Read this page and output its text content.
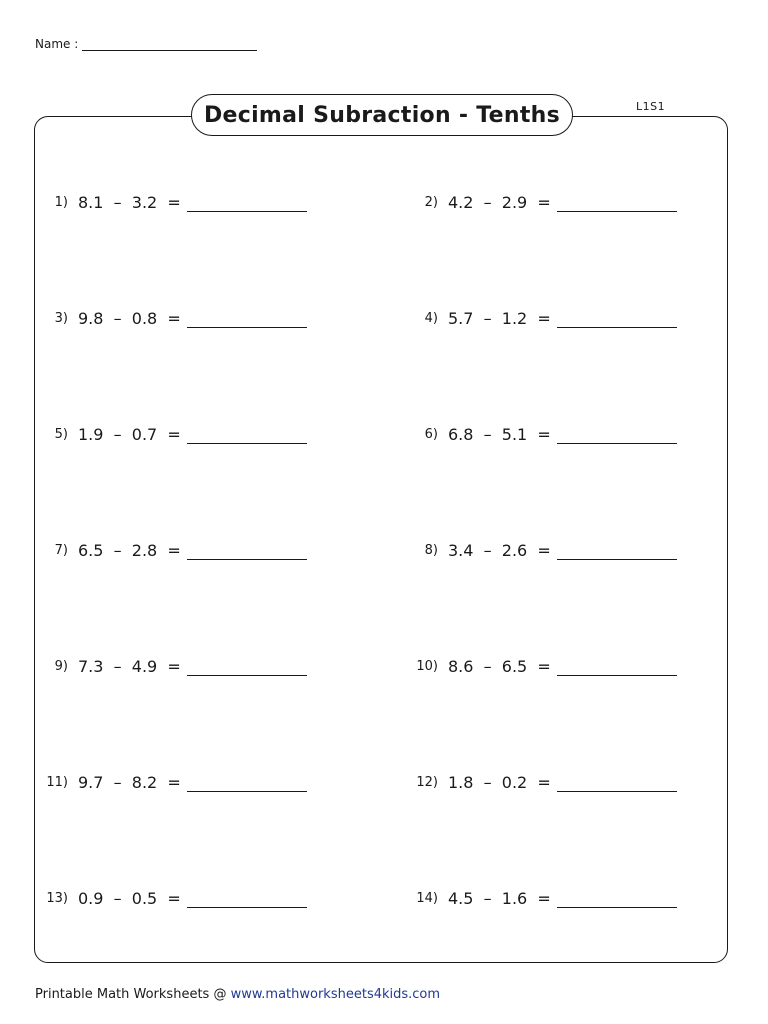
Name :
L1S1
Decimal Subraction - Tenths
1) 8.1  –  3.2  =	2) 4.2  –  2.9  =
3) 9.8  –  0.8  =	4) 5.7  –  1.2  =
5) 1.9  –  0.7  =	6) 6.8  –  5.1  =
7) 6.5  –  2.8  =	8) 3.4  –  2.6  =
9) 7.3  –  4.9  =	10) 8.6  –  6.5  =
11) 9.7  –  8.2  =	12) 1.8  –  0.2  =
13) 0.9  –  0.5  =	14) 4.5  –  1.6  =
Printable Math Worksheets @ www.mathworksheets4kids.com
